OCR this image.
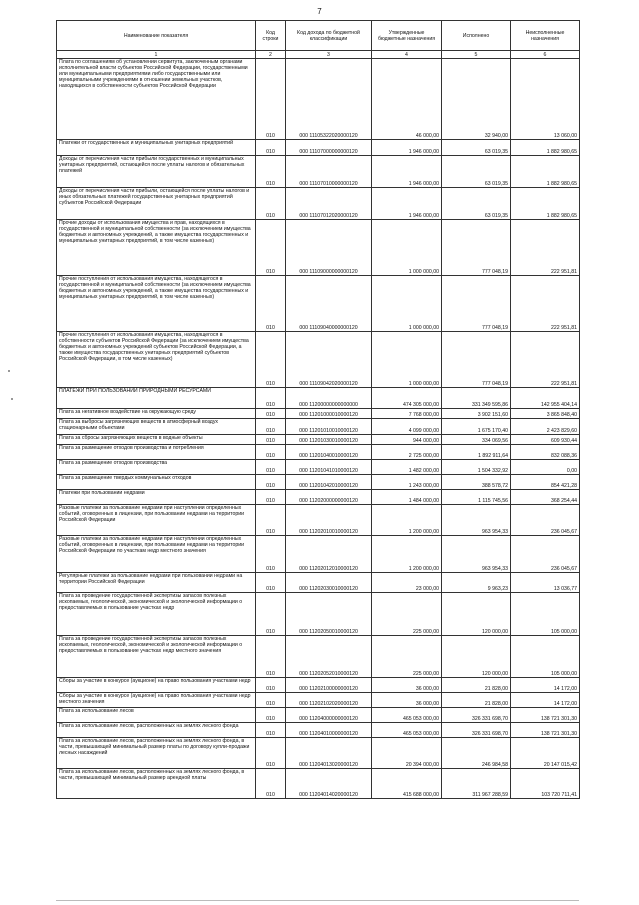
7
Наименование показателя	Код строки	Код дохода по бюджетной классификации	Утвержденные бюджетные назначения	Исполнено	Неисполненные назначения
1	2	3	4	5	6
Плата по соглашениям об установлении сервитута, заключенным органами исполнительной власти субъектов Российской Федерации, государственными или муниципальными предприятиями либо государственными или муниципальными учреждениями в отношении земельных участков, находящихся в собственности субъектов Российской Федерации	010	000 11105322020000120	46 000,00	32 940,00	13 060,00
Платежи от государственных и муниципальных унитарных предприятий	010	000 11107000000000120	1 946 000,00	63 019,35	1 882 980,65
Доходы от перечисления части прибыли государственных и муниципальных унитарных предприятий, остающейся после уплаты налогов и обязательных платежей	010	000 11107010000000120	1 946 000,00	63 019,35	1 882 980,65
Доходы от перечисления части прибыли, остающейся после уплаты налогов и иных обязательных платежей государственных унитарных предприятий субъектов Российской Федерации	010	000 11107012020000120	1 946 000,00	63 019,35	1 882 980,65
Прочие доходы от использования имущества и прав, находящихся в государственной и муниципальной собственности (за исключением имущества бюджетных и автономных учреждений, а также имущества государственных и муниципальных унитарных предприятий, в том числе казенных)	010	000 11109000000000120	1 000 000,00	777 048,19	222 951,81
Прочие поступления от использования имущества, находящегося в государственной и муниципальной собственности (за исключением имущества бюджетных и автономных учреждений, а также имущества государственных и муниципальных унитарных предприятий, в том числе казенных)	010	000 11109040000000120	1 000 000,00	777 048,19	222 951,81
Прочие поступления от использования имущества, находящегося в собственности субъектов Российской Федерации (за исключением имущества бюджетных и автономных учреждений субъектов Российской Федерации, а также имущества государственных унитарных предприятий субъектов Российской Федерации, в том числе казенных)	010	000 11109042020000120	1 000 000,00	777 048,19	222 951,81
ПЛАТЕЖИ ПРИ ПОЛЬЗОВАНИИ ПРИРОДНЫМИ РЕСУРСАМИ	010	000 11200000000000000	474 305 000,00	331 349 595,86	142 955 404,14
Плата за негативное воздействие на окружающую среду	010	000 11201000010000120	7 768 000,00	3 902 151,60	3 865 848,40
Плата за выбросы загрязняющих веществ в атмосферный воздух стационарными объектами	010	000 11201010010000120	4 099 000,00	1 675 170,40	2 423 829,60
Плата за сбросы загрязняющих веществ в водные объекты	010	000 11201030010000120	944 000,00	334 069,56	609 930,44
Плата за размещение отходов производства и потребления	010	000 11201040010000120	2 725 000,00	1 892 911,64	832 088,36
Плата за размещение отходов производства	010	000 11201041010000120	1 482 000,00	1 504 332,92	0,00
Плата за размещение твердых коммунальных отходов	010	000 11201042010000120	1 243 000,00	388 578,72	854 421,28
Платежи при пользовании недрами	010	000 11202000000000120	1 484 000,00	1 115 745,56	368 254,44
Разовые платежи за пользование недрами при наступлении определенных событий, оговоренных в лицензии, при пользовании недрами на территории Российской Федерации	010	000 11202010010000120	1 200 000,00	963 954,33	236 045,67
Разовые платежи за пользование недрами при наступлении определенных событий, оговоренных в лицензии, при пользовании недрами на территории Российской Федерации по участкам недр местного значения	010	000 11202012010000120	1 200 000,00	963 954,33	236 045,67
Регулярные платежи за пользование недрами при пользовании недрами на территории Российской Федерации	010	000 11202030010000120	23 000,00	9 963,23	13 036,77
Плата за проведение государственной экспертизы запасов полезных ископаемых, геологической, экономической и экологической информации о предоставляемых в пользование участках недр	010	000 11202050010000120	225 000,00	120 000,00	105 000,00
Плата за проведение государственной экспертизы запасов полезных ископаемых, геологической, экономической и экологической информации о предоставляемых в пользование участках недр местного значения	010	000 11202052010000120	225 000,00	120 000,00	105 000,00
Сборы за участие в конкурсе (аукционе) на право пользования участками недр	010	000 11202100000000120	36 000,00	21 828,00	14 172,00
Сборы за участие в конкурсе (аукционе) на право пользования участками недр местного значения	010	000 11202102020000120	36 000,00	21 828,00	14 172,00
Плата за использование лесов	010	000 11204000000000120	465 053 000,00	326 331 698,70	138 721 301,30
Плата за использование лесов, расположенных на землях лесного фонда	010	000 11204010000000120	465 053 000,00	326 331 698,70	138 721 301,30
Плата за использование лесов, расположенных на землях лесного фонда, в части, превышающей минимальный размер платы по договору купли-продажи лесных насаждений	010	000 11204013020000120	20 394 000,00	246 984,58	20 147 015,42
Плата за использование лесов, расположенных на землях лесного фонда, в части, превышающей минимальный размер арендной платы	010	000 11204014020000120	415 688 000,00	311 967 288,59	103 720 711,41
